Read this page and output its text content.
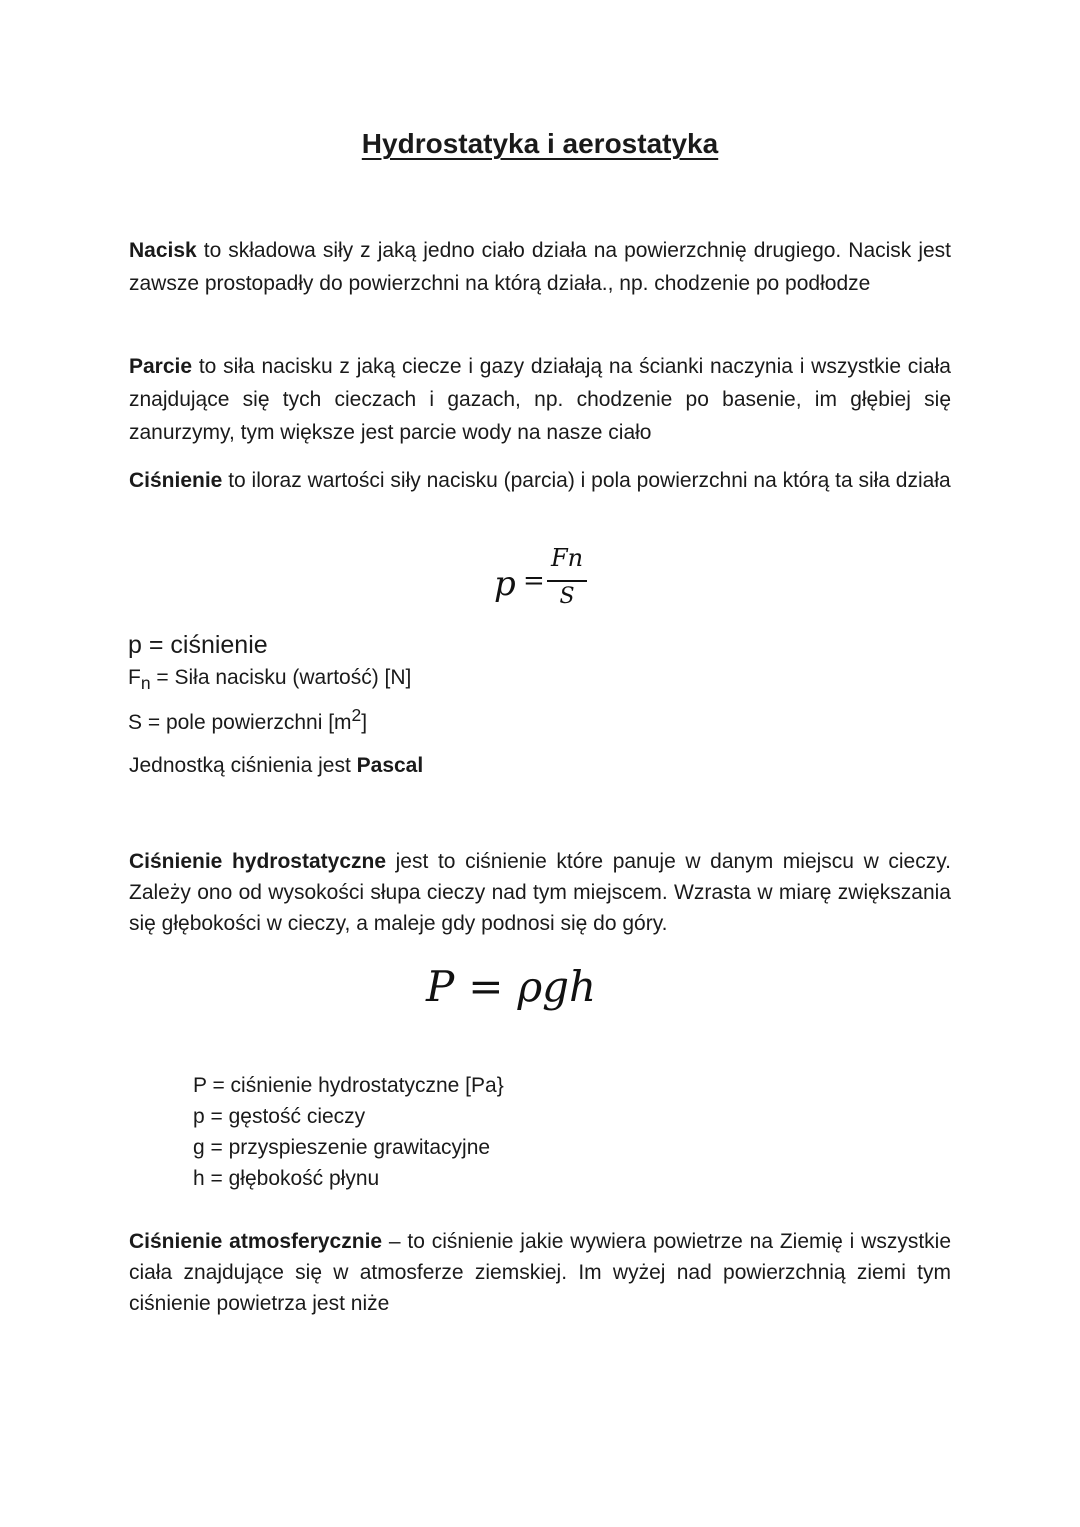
Hydrostatyka i aerostatyka

Nacisk to składowa siły z jaką jedno ciało działa na powierzchnię drugiego. Nacisk jest zawsze prostopadły do powierzchni na którą działa., np. chodzenie po podłodze

Parcie to siła nacisku z jaką ciecze i gazy działają na ścianki naczynia i wszystkie ciała znajdujące się tych cieczach i gazach, np. chodzenie po basenie, im głębiej się zanurzymy, tym większe jest parcie wody na nasze ciało

Ciśnienie to iloraz wartości siły nacisku (parcia) i pola powierzchni na którą ta siła działa

p =
Fn
S
p = ciśnienie
$F_n$ = Siła nacisku (wartość) [N]
S = pole powierzchni $[m^2]$

Jednostką ciśnienia jest Pascal

Ciśnienie hydrostatyczne jest to ciśnienie które panuje w danym miejscu w cieczy. Zależy ono od wysokości słupa cieczy nad tym miejscem. Wzrasta w miarę zwiększania się głębokości w cieczy, a maleje gdy podnosi się do góry.

P = ρgh
P = ciśnienie hydrostatyczne [Pa}
p = gęstość cieczy
g = przyspieszenie grawitacyjne
h = głębokość płynu

Ciśnienie atmosferycznie – to ciśnienie jakie wywiera powietrze na Ziemię i wszystkie ciała znajdujące się w atmosferze ziemskiej. Im wyżej nad powierzchnią ziemi tym ciśnienie powietrza jest niże
